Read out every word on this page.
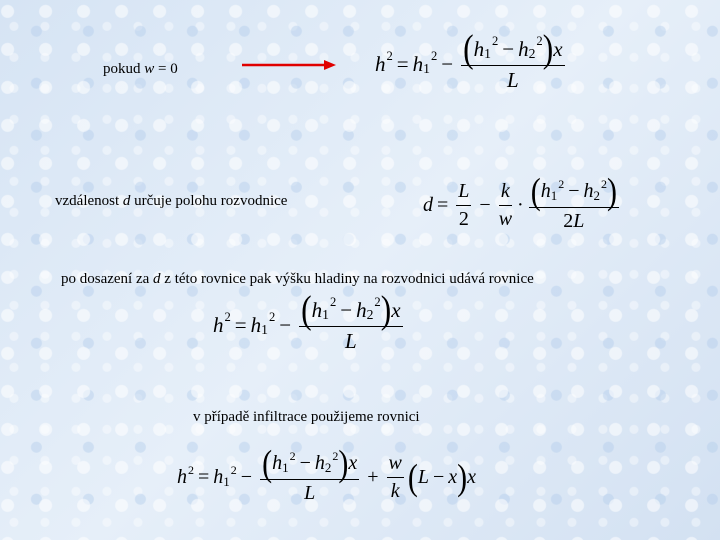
pokud w = 0
vzdálenost d určuje polohu rozvodnice
po dosazení za d z této rovnice pak výšku hladiny na rozvodnici udává rovnice
v případě infiltrace použijeme rovnici
h 2 = h 1
2 − ( h 1
2 − h 2
2 ) x
L
$d = \frac{L}{2} - \frac{k}{w}$ · ( h 1
2 − h 2
2 )
2L
h 2 = h 1
2 − ( h 1
2 − h 2
2 ) x
L
h 2 = h 1
2 − ( h 1
2 − h 2
2 ) x
$L + \frac{w}{k}$ ( L − x ) x
